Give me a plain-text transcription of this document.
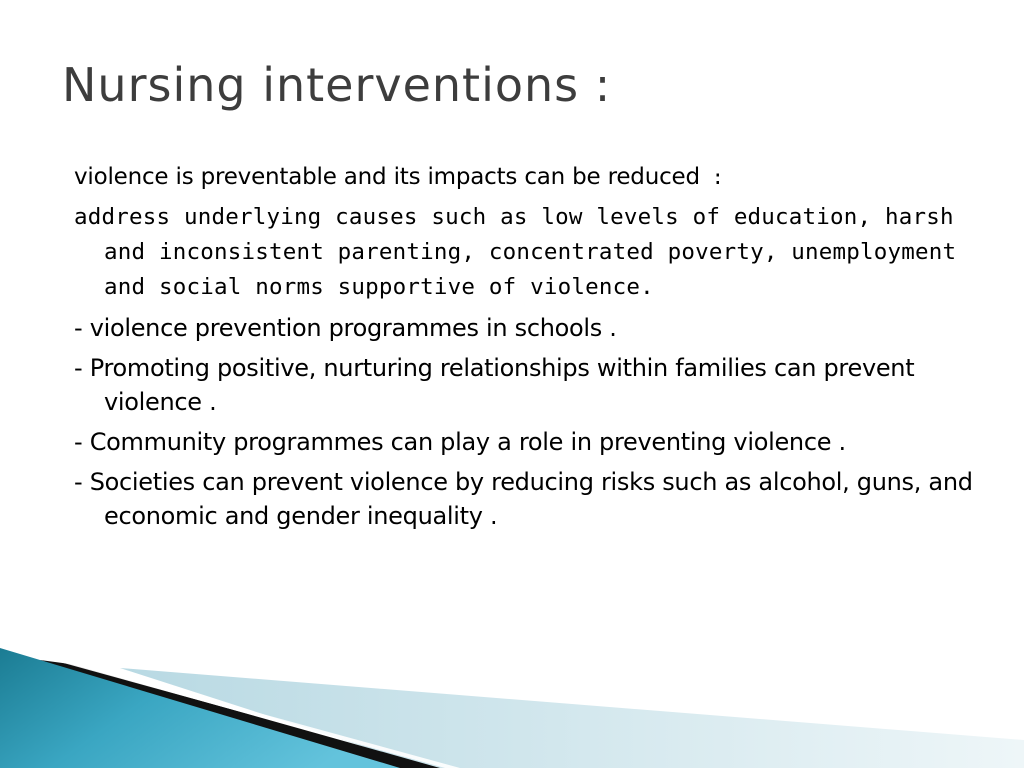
Nursing interventions :
violence is preventable and its impacts can be reduced :
address underlying causes such as low levels of education, harsh and inconsistent parenting, concentrated poverty, unemployment and social norms supportive of violence.
- violence prevention programmes in schools .
- Promoting positive, nurturing relationships within families can prevent violence .
- Community programmes can play a role in preventing violence .
- Societies can prevent violence by reducing risks such as alcohol, guns, and economic and gender inequality .
